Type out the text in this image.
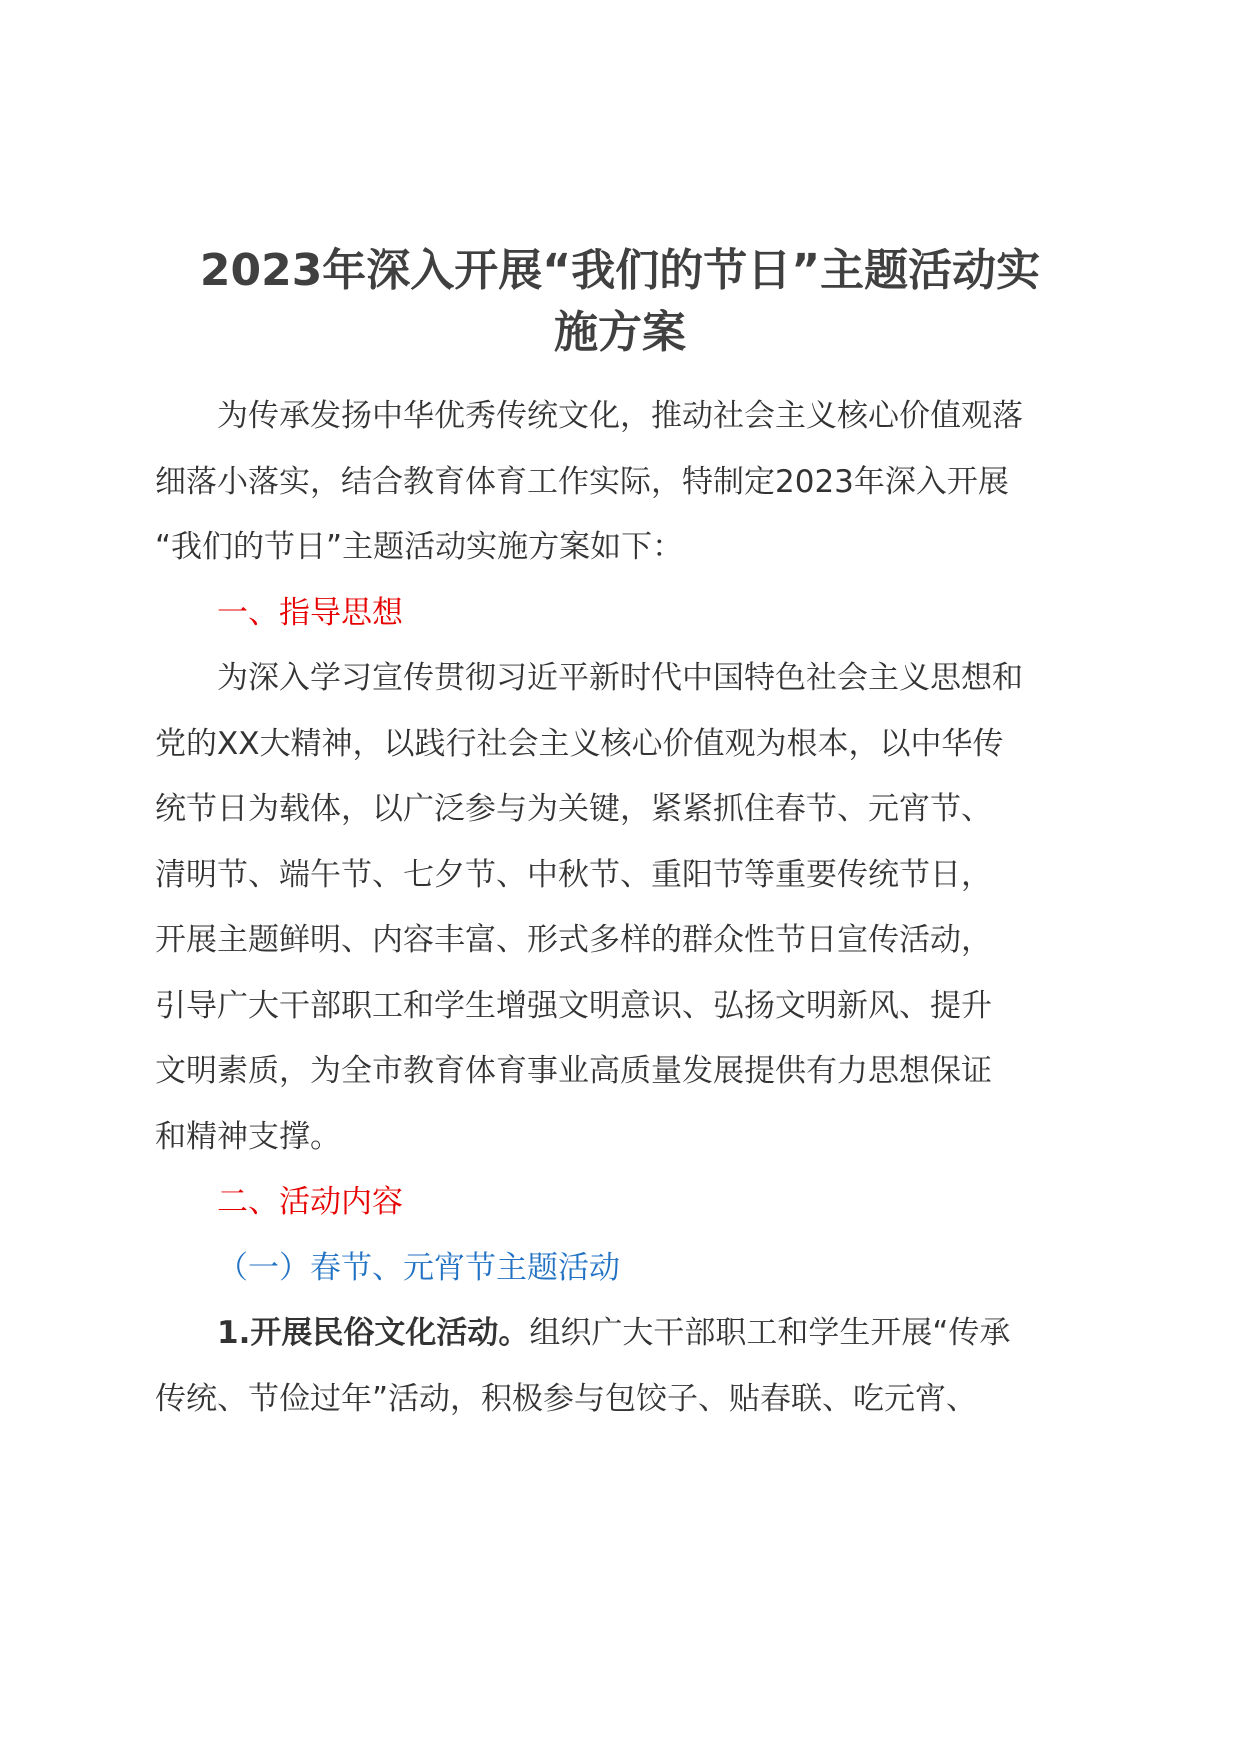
2023年深入开展“我们的节日”主题活动实
施方案

为传承发扬中华优秀传统文化，推动社会主义核心价值观落
细落小落实，结合教育体育工作实际，特制定2023年深入开展
“我们的节日”主题活动实施方案如下：

一、指导思想

为深入学习宣传贯彻习近平新时代中国特色社会主义思想和
党的XX大精神，以践行社会主义核心价值观为根本，以中华传
统节日为载体，以广泛参与为关键，紧紧抓住春节、元宵节、
清明节、端午节、七夕节、中秋节、重阳节等重要传统节日，
开展主题鲜明、内容丰富、形式多样的群众性节日宣传活动，
引导广大干部职工和学生增强文明意识、弘扬文明新风、提升
文明素质，为全市教育体育事业高质量发展提供有力思想保证
和精神支撑。

二、活动内容

（一）春节、元宵节主题活动

1.开展民俗文化活动。组织广大干部职工和学生开展“传承
传统、节俭过年”活动，积极参与包饺子、贴春联、吃元宵、
